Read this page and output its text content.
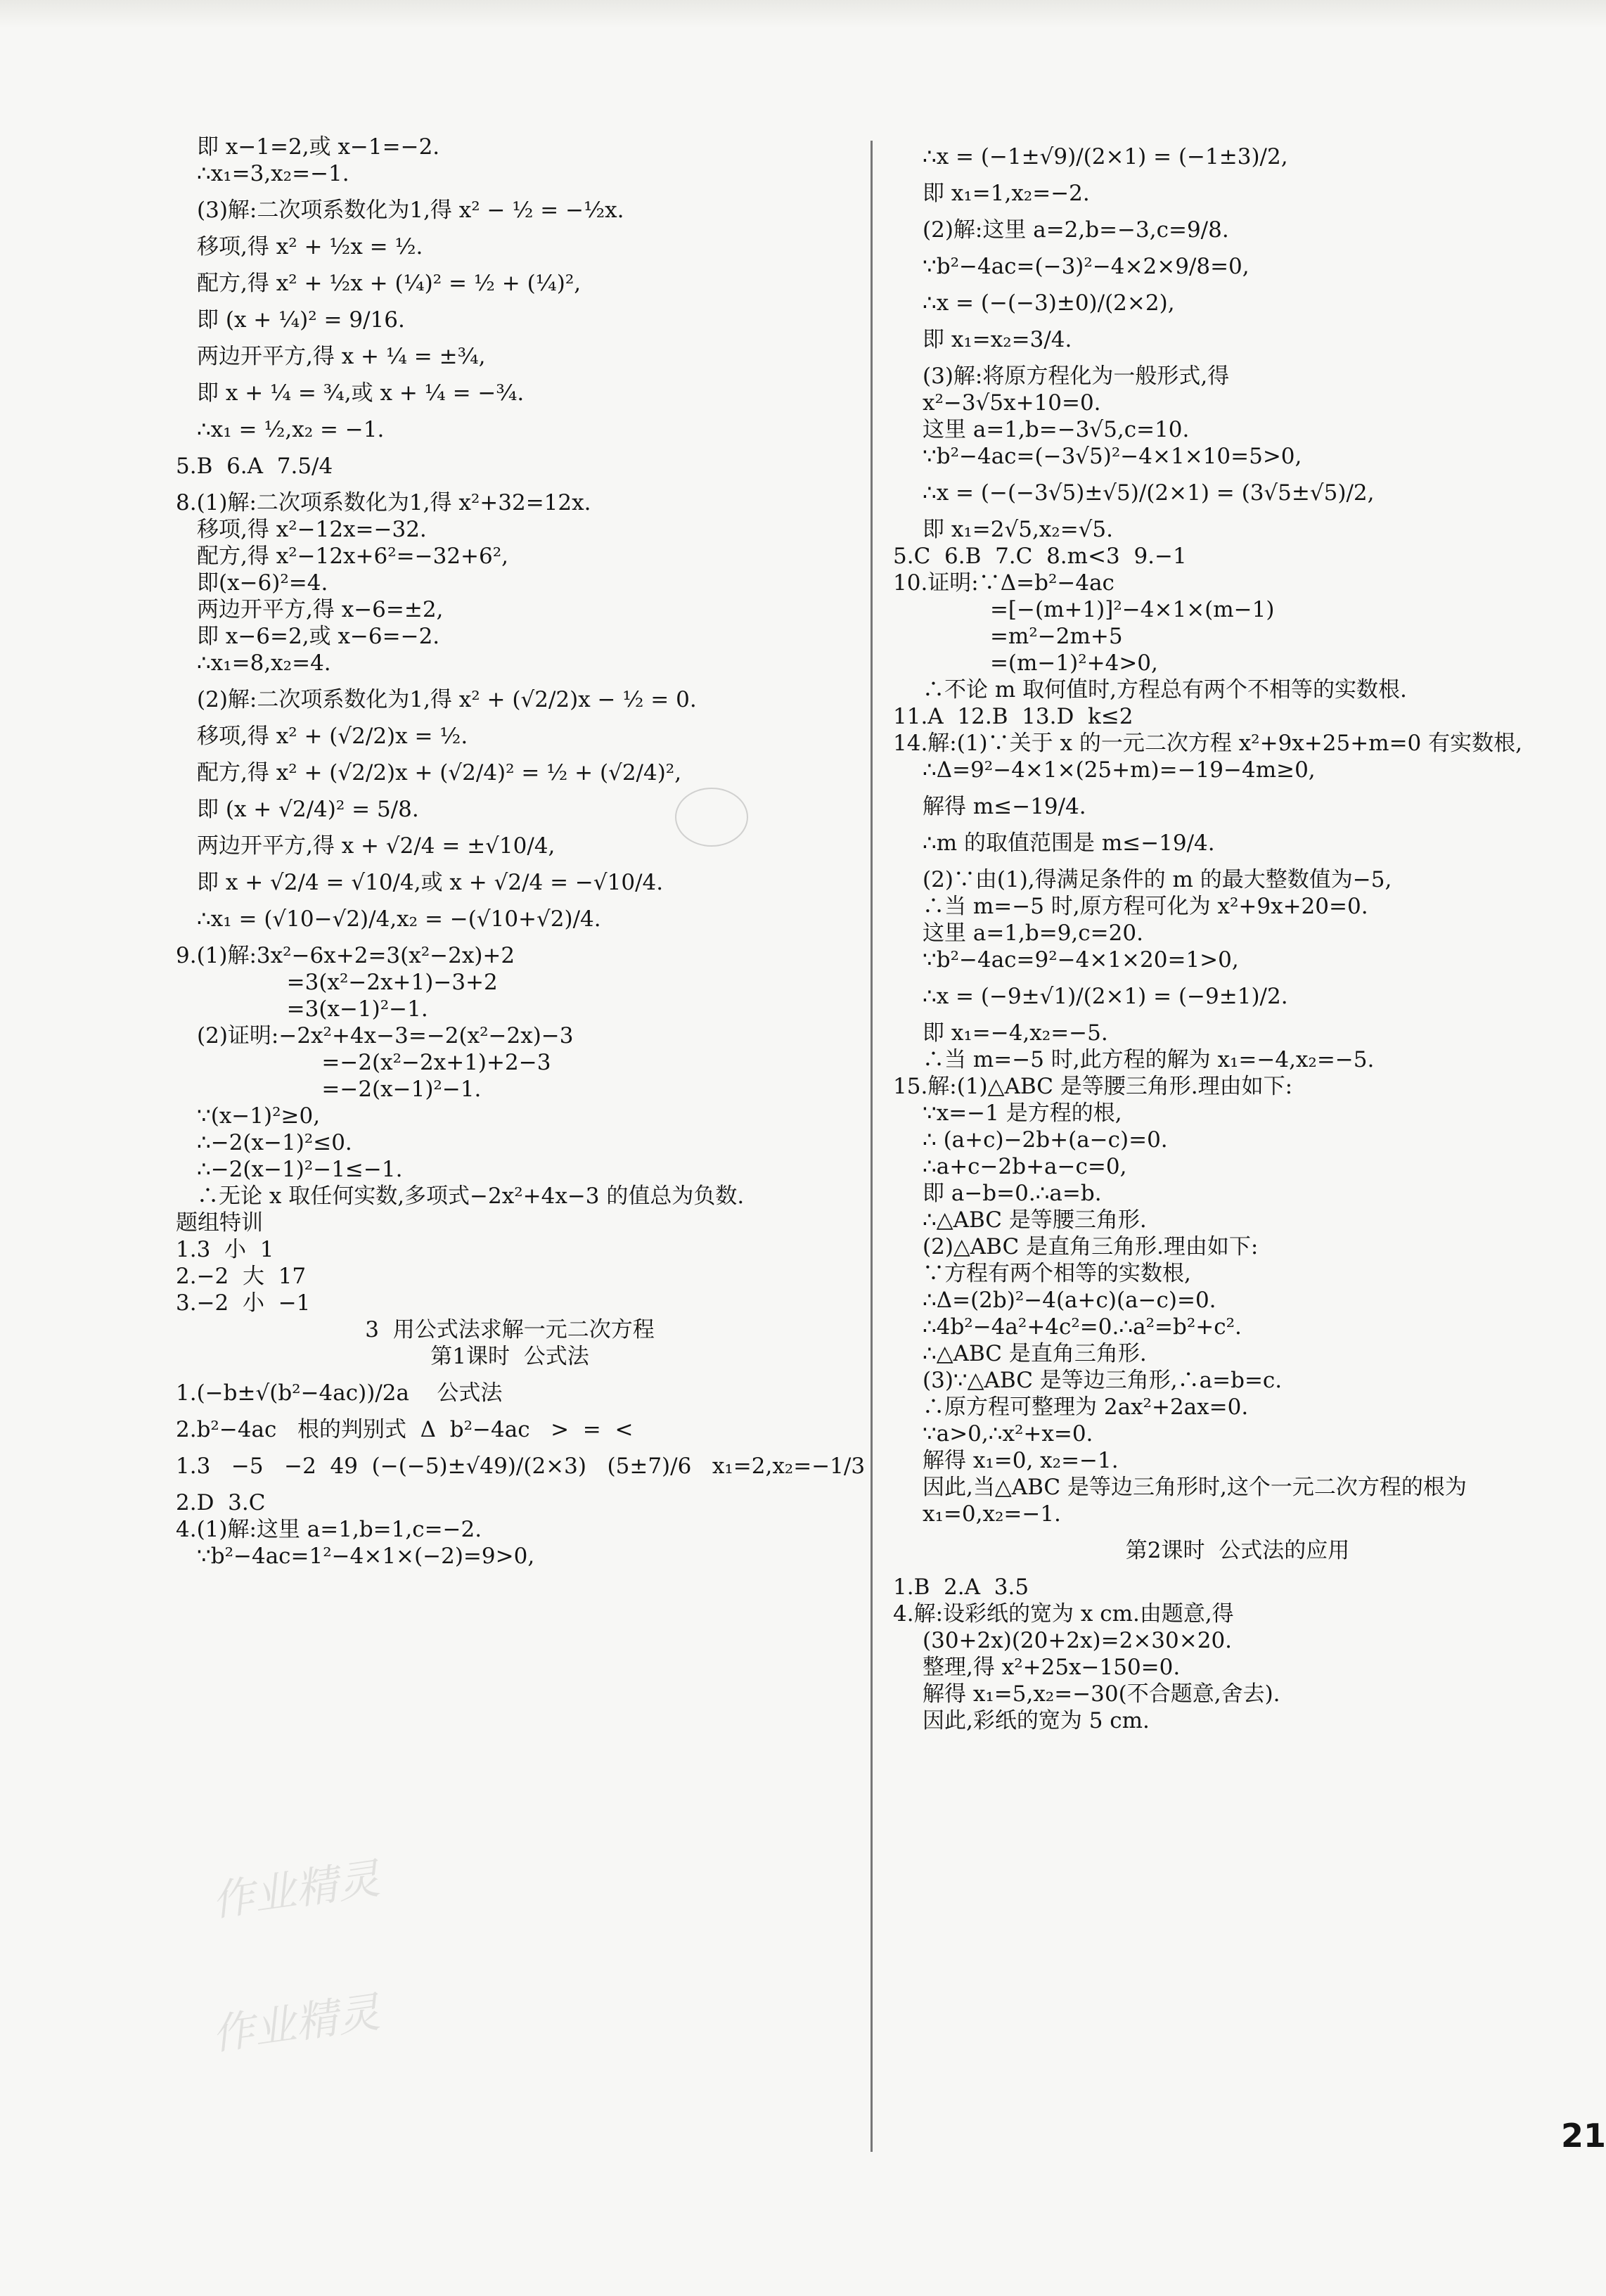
即 x−1=2,或 x−1=−2.
∴x₁=3,x₂=−1.
(3)解:二次项系数化为1,得 x² − ½ = −½x.
移项,得 x² + ½x = ½.
配方,得 x² + ½x + (¼)² = ½ + (¼)²,
即 (x + ¼)² = 9/16.
两边开平方,得 x + ¼ = ±¾,
即 x + ¼ = ¾,或 x + ¼ = −¾.
∴x₁ = ½,x₂ = −1.
5.B  6.A  7.5/4
8.(1)解:二次项系数化为1,得 x²+32=12x.
移项,得 x²−12x=−32.
配方,得 x²−12x+6²=−32+6²,
即(x−6)²=4.
两边开平方,得 x−6=±2,
即 x−6=2,或 x−6=−2.
∴x₁=8,x₂=4.
(2)解:二次项系数化为1,得 x² + (√2/2)x − ½ = 0.
移项,得 x² + (√2/2)x = ½.
配方,得 x² + (√2/2)x + (√2/4)² = ½ + (√2/4)²,
即 (x + √2/4)² = 5/8.
两边开平方,得 x + √2/4 = ±√10/4,
即 x + √2/4 = √10/4,或 x + √2/4 = −√10/4.
∴x₁ = (√10−√2)/4,x₂ = −(√10+√2)/4.
9.(1)解:3x²−6x+2=3(x²−2x)+2
=3(x²−2x+1)−3+2
=3(x−1)²−1.
(2)证明:−2x²+4x−3=−2(x²−2x)−3
=−2(x²−2x+1)+2−3
=−2(x−1)²−1.
∵(x−1)²≥0,
∴−2(x−1)²≤0.
∴−2(x−1)²−1≤−1.
∴无论 x 取任何实数,多项式−2x²+4x−3 的值总为负数.
题组特训
1.3  小  1
2.−2  大  17
3.−2  小  −1
3  用公式法求解一元二次方程
第1课时  公式法
1.(−b±√(b²−4ac))/2a    公式法
2.b²−4ac   根的判别式  Δ  b²−4ac   >  =  <
1.3   −5   −2  49  (−(−5)±√49)/(2×3)   (5±7)/6   x₁=2,x₂=−1/3
2.D  3.C
4.(1)解:这里 a=1,b=1,c=−2.
∵b²−4ac=1²−4×1×(−2)=9>0,
∴x = (−1±√9)/(2×1) = (−1±3)/2,
即 x₁=1,x₂=−2.
(2)解:这里 a=2,b=−3,c=9/8.
∵b²−4ac=(−3)²−4×2×9/8=0,
∴x = (−(−3)±0)/(2×2),
即 x₁=x₂=3/4.
(3)解:将原方程化为一般形式,得
x²−3√5x+10=0.
这里 a=1,b=−3√5,c=10.
∵b²−4ac=(−3√5)²−4×1×10=5>0,
∴x = (−(−3√5)±√5)/(2×1) = (3√5±√5)/2,
即 x₁=2√5,x₂=√5.
5.C  6.B  7.C  8.m<3  9.−1
10.证明:∵Δ=b²−4ac
=[−(m+1)]²−4×1×(m−1)
=m²−2m+5
=(m−1)²+4>0,
∴不论 m 取何值时,方程总有两个不相等的实数根.
11.A  12.B  13.D  k≤2
14.解:(1)∵关于 x 的一元二次方程 x²+9x+25+m=0 有实数根,
∴Δ=9²−4×1×(25+m)=−19−4m≥0,
解得 m≤−19/4.
∴m 的取值范围是 m≤−19/4.
(2)∵由(1),得满足条件的 m 的最大整数值为−5,
∴当 m=−5 时,原方程可化为 x²+9x+20=0.
这里 a=1,b=9,c=20.
∵b²−4ac=9²−4×1×20=1>0,
∴x = (−9±√1)/(2×1) = (−9±1)/2.
即 x₁=−4,x₂=−5.
∴当 m=−5 时,此方程的解为 x₁=−4,x₂=−5.
15.解:(1)△ABC 是等腰三角形.理由如下:
∵x=−1 是方程的根,
∴ (a+c)−2b+(a−c)=0.
∴a+c−2b+a−c=0,
即 a−b=0.∴a=b.
∴△ABC 是等腰三角形.
(2)△ABC 是直角三角形.理由如下:
∵方程有两个相等的实数根,
∴Δ=(2b)²−4(a+c)(a−c)=0.
∴4b²−4a²+4c²=0.∴a²=b²+c².
∴△ABC 是直角三角形.
(3)∵△ABC 是等边三角形,∴a=b=c.
∴原方程可整理为 2ax²+2ax=0.
∵a>0,∴x²+x=0.
解得 x₁=0, x₂=−1.
因此,当△ABC 是等边三角形时,这个一元二次方程的根为
x₁=0,x₂=−1.
第2课时  公式法的应用
1.B  2.A  3.5
4.解:设彩纸的宽为 x cm.由题意,得
(30+2x)(20+2x)=2×30×20.
整理,得 x²+25x−150=0.
解得 x₁=5,x₂=−30(不合题意,舍去).
因此,彩纸的宽为 5 cm.
21
作业精灵
作业精灵
